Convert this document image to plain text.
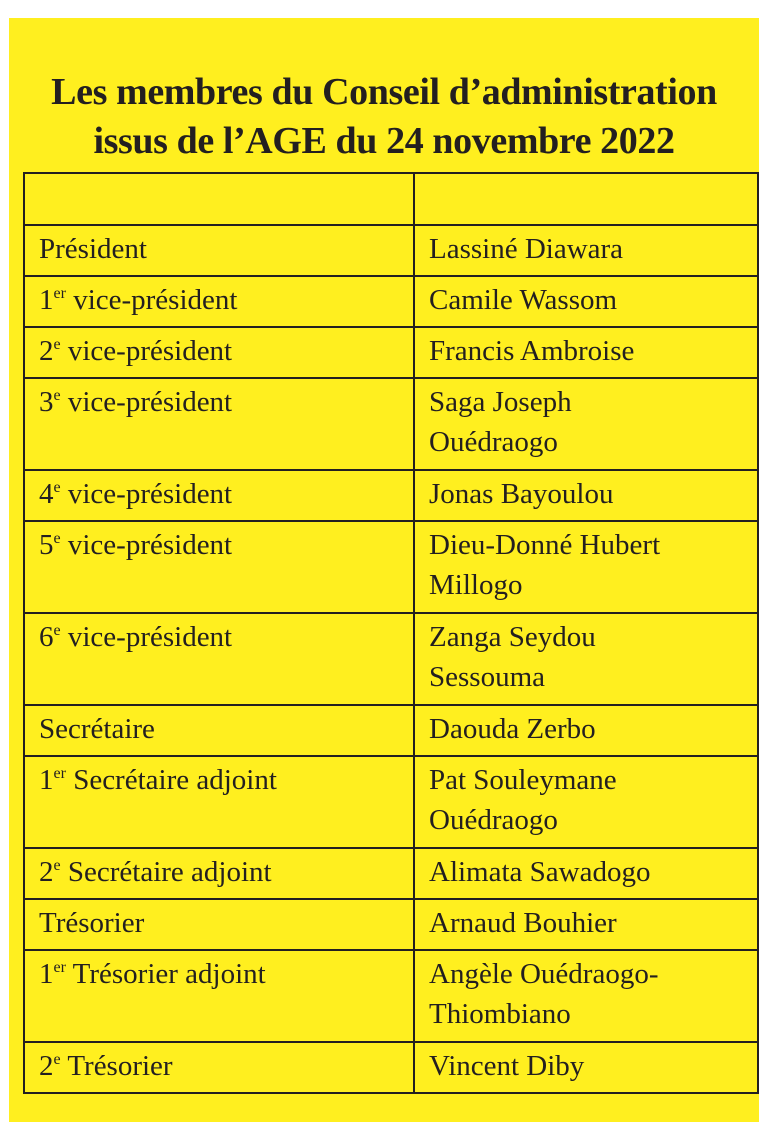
Les membres du Conseil d’administration
issus de l’AGE du 24 novembre 2022

Président	Lassiné Diawara

1er vice-président	Camile Wassom

2e vice-président	Francis Ambroise

3e vice-président	Saga Joseph
Ouédraogo

4e vice-président	Jonas Bayoulou

5e vice-président	Dieu-Donné Hubert
Millogo

6e vice-président	Zanga Seydou
Sessouma

Secrétaire	Daouda Zerbo

1er Secrétaire adjoint	Pat Souleymane
Ouédraogo

2e Secrétaire adjoint	Alimata Sawadogo

Trésorier	Arnaud Bouhier

1er Trésorier adjoint	Angèle Ouédraogo-
Thiombiano

2e Trésorier	Vincent Diby
